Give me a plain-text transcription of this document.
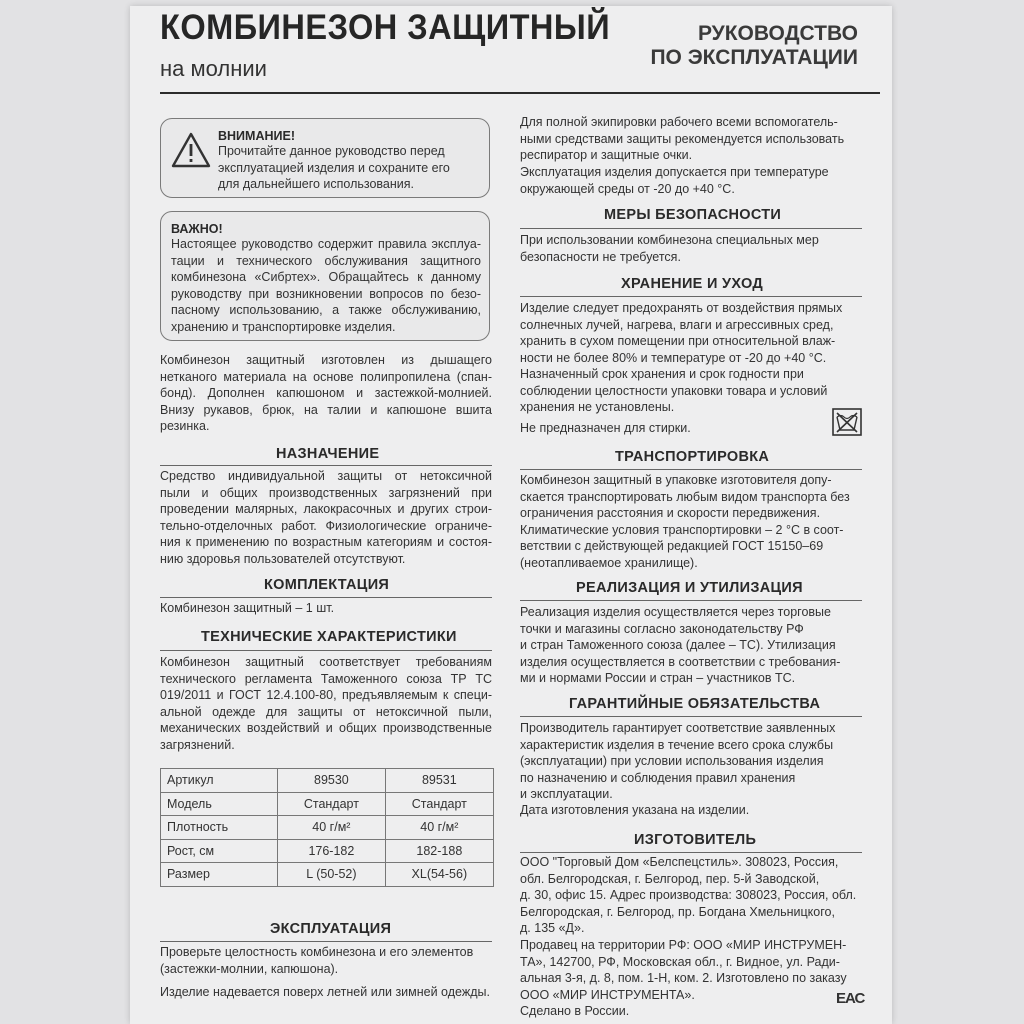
КОМБИНЕЗОН ЗАЩИТНЫЙ
на молнии
РУКОВОДСТВО
ПО ЭКСПЛУАТАЦИИ
ВНИМАНИЕ!
Прочитайте данное руководство перед
эксплуатацией изделия и сохраните его
для дальнейшего использования.
ВАЖНО!
Настоящее руководство содержит правила эксплуа-
тации и технического обслуживания защитного
комбинезона «Сибртех». Обращайтесь к данному
руководству при возникновении вопросов по безо-
пасному использованию, а также обслуживанию,
хранению и транспортировке изделия.
Комбинезон защитный изготовлен из дышащего
нетканого материала на основе полипропилена (спан-
бонд). Дополнен капюшоном и застежкой-молнией.
Внизу рукавов, брюк, на талии и капюшоне вшита
резинка.
НАЗНАЧЕНИЕ
Средство индивидуальной защиты от нетоксичной
пыли и общих производственных загрязнений при
проведении малярных, лакокрасочных и других строи-
тельно-отделочных работ. Физиологические ограниче-
ния к применению по возрастным категориям и состоя-
нию здоровья пользователей отсутствуют.
КОМПЛЕКТАЦИЯ
Комбинезон защитный – 1 шт.
ТЕХНИЧЕСКИЕ ХАРАКТЕРИСТИКИ
Комбинезон защитный соответствует требованиям
технического регламента Таможенного союза ТР ТС
019/2011 и ГОСТ 12.4.100-80, предъявляемым к специ-
альной одежде для защиты от нетоксичной пыли,
механических воздействий и общих производственные
загрязнений.
Артикул	89530	89531
Модель	Стандарт	Стандарт
Плотность	40 г/м²	40 г/м²
Рост, см	176-182	182-188
Размер	L (50-52)	XL(54-56)
ЭКСПЛУАТАЦИЯ
Проверьте целостность комбинезона и его элементов
(застежки-молнии, капюшона).
Изделие надевается поверх летней или зимней одежды.
Для полной экипировки рабочего всеми вспомогатель-
ными средствами защиты рекомендуется использовать
респиратор и защитные очки.
Эксплуатация изделия допускается при температуре
окружающей среды от -20 до +40 °С.
МЕРЫ БЕЗОПАСНОСТИ
При использовании комбинезона специальных мер
безопасности не требуется.
ХРАНЕНИЕ И УХОД
Изделие следует предохранять от воздействия прямых
солнечных лучей, нагрева, влаги и агрессивных сред,
хранить в сухом помещении при относительной влаж-
ности не более 80% и температуре от -20 до +40 °С.
Назначенный срок хранения и срок годности при
соблюдении целостности упаковки товара и условий
хранения не установлены.
Не предназначен для стирки.
ТРАНСПОРТИРОВКА
Комбинезон защитный в упаковке изготовителя допу-
скается транспортировать любым видом транспорта без
ограничения расстояния и скорости передвижения.
Климатические условия транспортировки – 2 °С в соот-
ветствии с действующей редакцией ГОСТ 15150–69
(неотапливаемое хранилище).
РЕАЛИЗАЦИЯ И УТИЛИЗАЦИЯ
Реализация изделия осуществляется через торговые
точки и магазины согласно законодательству РФ
и стран Таможенного союза (далее – ТС). Утилизация
изделия осуществляется в соответствии с требования-
ми и нормами России и стран – участников ТС.
ГАРАНТИЙНЫЕ ОБЯЗАТЕЛЬСТВА
Производитель гарантирует соответствие заявленных
характеристик изделия в течение всего срока службы
(эксплуатации) при условии использования изделия
по назначению и соблюдения правил хранения
и эксплуатации.
Дата изготовления указана на изделии.
ИЗГОТОВИТЕЛЬ
ООО "Торговый Дом «Белспецстиль». 308023, Россия,
обл. Белгородская, г. Белгород, пер. 5-й Заводской,
д. 30, офис 15. Адрес производства: 308023, Россия, обл.
Белгородская, г. Белгород, пр. Богдана Хмельницкого,
д. 135 «Д».
Продавец на территории РФ: ООО «МИР ИНСТРУМЕН-
ТА», 142700, РФ, Московская обл., г. Видное, ул. Ради-
альная 3-я, д. 8, пом. 1-Н, ком. 2. Изготовлено по заказу
ООО «МИР ИНСТРУМЕНТА».
Сделано в России.
ЕАС
